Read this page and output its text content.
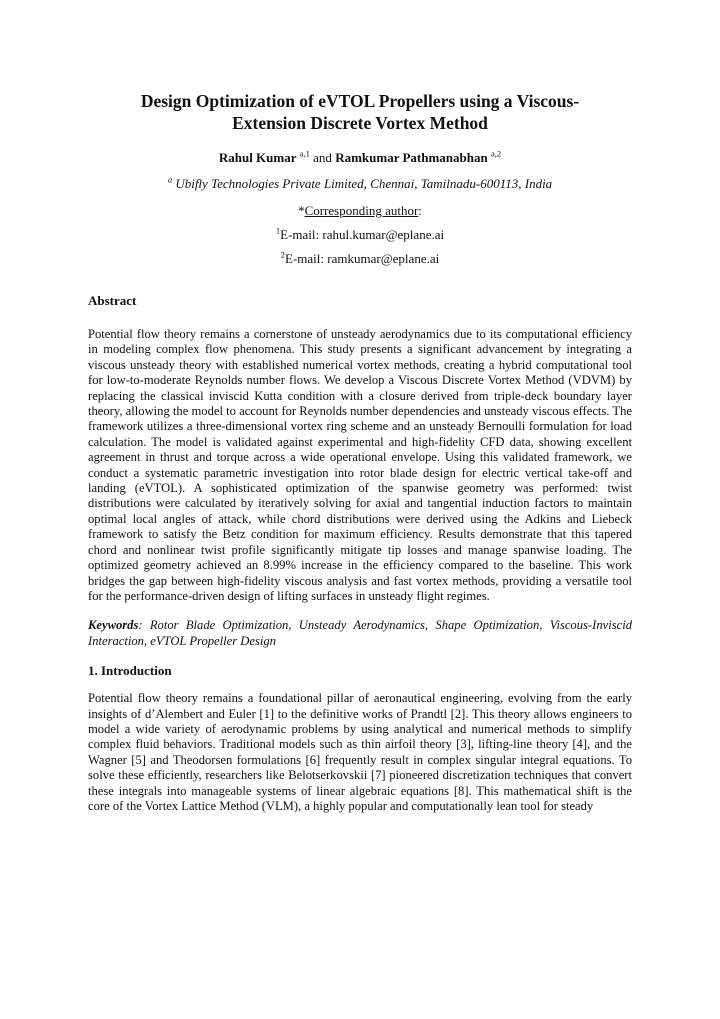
Design Optimization of eVTOL Propellers using a Viscous-
Extension Discrete Vortex Method
Rahul Kumar $^{a,1}$ and Ramkumar Pathmanabhan $^{a,2}$
$^a$ Ubifly Technologies Private Limited, Chennai, Tamilnadu-600113, India
*Corresponding author:
$^1$E-mail: rahul.kumar@eplane.ai
$^2$E-mail: ramkumar@eplane.ai
Abstract

Potential flow theory remains a cornerstone of unsteady aerodynamics due to its computational efficiency in modeling complex flow phenomena. This study presents a significant advancement by integrating a viscous unsteady theory with established numerical vortex methods, creating a hybrid computational tool for low-to-moderate Reynolds number flows. We develop a Viscous Discrete Vortex Method (VDVM) by replacing the classical inviscid Kutta condition with a closure derived from triple-deck boundary layer theory, allowing the model to account for Reynolds number dependencies and unsteady viscous effects. The framework utilizes a three-dimensional vortex ring scheme and an unsteady Bernoulli formulation for load calculation. The model is validated against experimental and high-fidelity CFD data, showing excellent agreement in thrust and torque across a wide operational envelope. Using this validated framework, we conduct a systematic parametric investigation into rotor blade design for electric vertical take-off and landing (eVTOL). A sophisticated optimization of the spanwise geometry was performed: twist distributions were calculated by iteratively solving for axial and tangential induction factors to maintain optimal local angles of attack, while chord distributions were derived using the Adkins and Liebeck framework to satisfy the Betz condition for maximum efficiency. Results demonstrate that this tapered chord and nonlinear twist profile significantly mitigate tip losses and manage spanwise loading. The optimized geometry achieved an 8.99% increase in the efficiency compared to the baseline. This work bridges the gap between high-fidelity viscous analysis and fast vortex methods, providing a versatile tool for the performance-driven design of lifting surfaces in unsteady flight regimes.

Keywords: Rotor Blade Optimization, Unsteady Aerodynamics, Shape Optimization, Viscous-Inviscid Interaction, eVTOL Propeller Design

1. Introduction

Potential flow theory remains a foundational pillar of aeronautical engineering, evolving from the early insights of d’Alembert and Euler [1] to the definitive works of Prandtl [2]. This theory allows engineers to model a wide variety of aerodynamic problems by using analytical and numerical methods to simplify complex fluid behaviors. Traditional models such as thin airfoil theory [3], lifting-line theory [4], and the Wagner [5] and Theodorsen formulations [6] frequently result in complex singular integral equations. To solve these efficiently, researchers like Belotserkovskii [7] pioneered discretization techniques that convert these integrals into manageable systems of linear algebraic equations [8]. This mathematical shift is the core of the Vortex Lattice Method (VLM), a highly popular and computationally lean tool for steady
